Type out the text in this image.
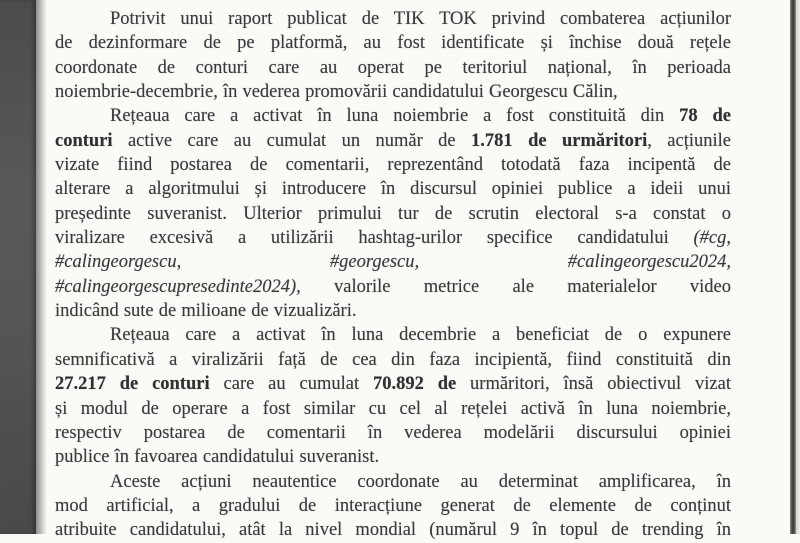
Potrivit unui raport publicat de TIK TOK privind combaterea acțiunilor
de dezinformare de pe platformă, au fost identificate și închise două rețele
coordonate de conturi care au operat pe teritoriul național, în perioada
noiembrie-decembrie, în vederea promovării candidatului Georgescu Călin,
Rețeaua care a activat în luna noiembrie a fost constituită din 78 de
conturi active care au cumulat un număr de 1.781 de urmăritori, acțiunile
vizate fiind postarea de comentarii, reprezentând totodată faza incipentă de
alterare a algoritmului și introducere în discursul opiniei publice a ideii unui
președinte suveranist. Ulterior primului tur de scrutin electoral s-a constat o
viralizare excesivă a utilizării hashtag-urilor specifice candidatului (#cg,
#calingeorgescu, #georgescu, #calingeorgescu2024,
#calingeorgescupresedinte2024), valorile metrice ale materialelor video
indicând sute de milioane de vizualizări.
Rețeaua care a activat în luna decembrie a beneficiat de o expunere
semnificativă a viralizării față de cea din faza incipientă, fiind constituită din
27.217 de conturi care au cumulat 70.892 de urmăritori, însă obiectivul vizat
și modul de operare a fost similar cu cel al rețelei activă în luna noiembrie,
respectiv postarea de comentarii în vederea modelării discursului opiniei
publice în favoarea candidatului suveranist.
Aceste acțiuni neautentice coordonate au determinat amplificarea, în
mod artificial, a gradului de interacțiune generat de elemente de conținut
atribuite candidatului, atât la nivel mondial (numărul 9 în topul de trending în
